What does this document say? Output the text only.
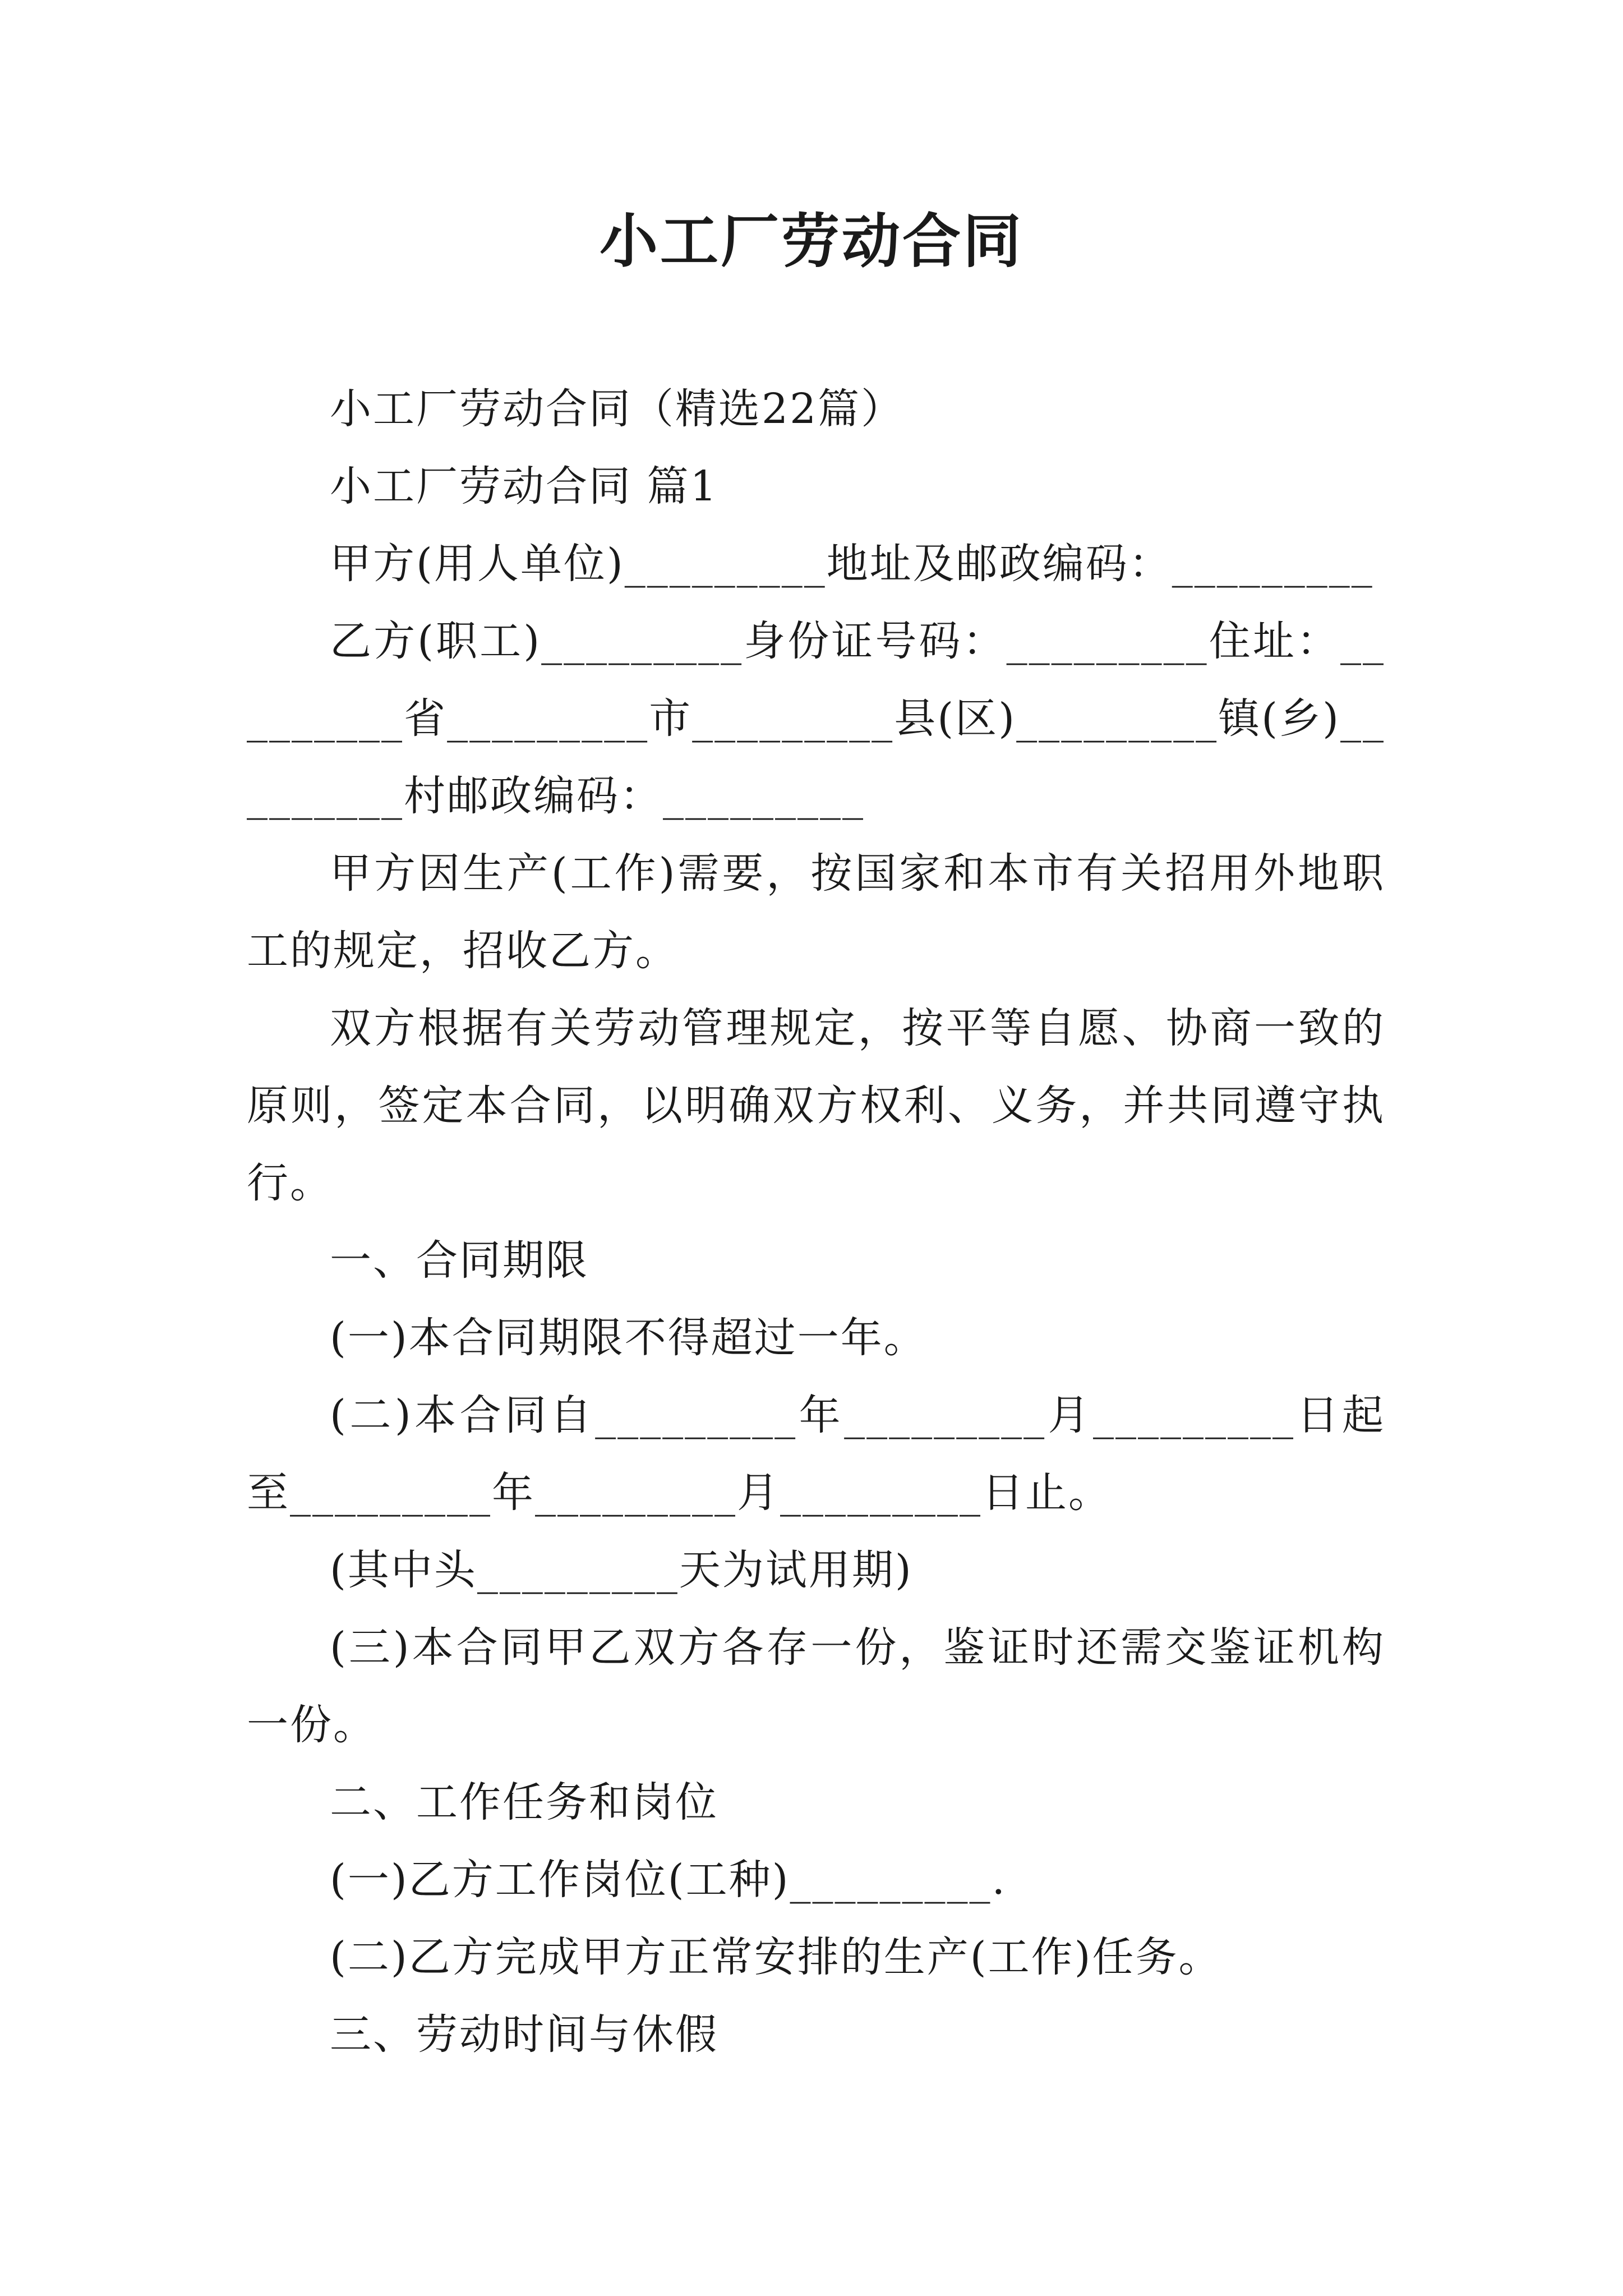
小工厂劳动合同

小工厂劳动合同（精选22篇）

小工厂劳动合同 篇1

甲方(用人单位)_________地址及邮政编码：_________

乙方(职工)_________身份证号码：_________住址：_________省_________市_________县(区)_________镇(乡)_________村邮政编码：_________

甲方因生产(工作)需要，按国家和本市有关招用外地职工的规定，招收乙方。

双方根据有关劳动管理规定，按平等自愿、协商一致的原则，签定本合同，以明确双方权利、义务，并共同遵守执行。

一、合同期限

(一)本合同期限不得超过一年。

(二)本合同自_________年_________月_________日起至_________年_________月_________日止。

(其中头_________天为试用期)

(三)本合同甲乙双方各存一份，鉴证时还需交鉴证机构一份。

二、工作任务和岗位

(一)乙方工作岗位(工种)_________.

(二)乙方完成甲方正常安排的生产(工作)任务。

三、劳动时间与休假
